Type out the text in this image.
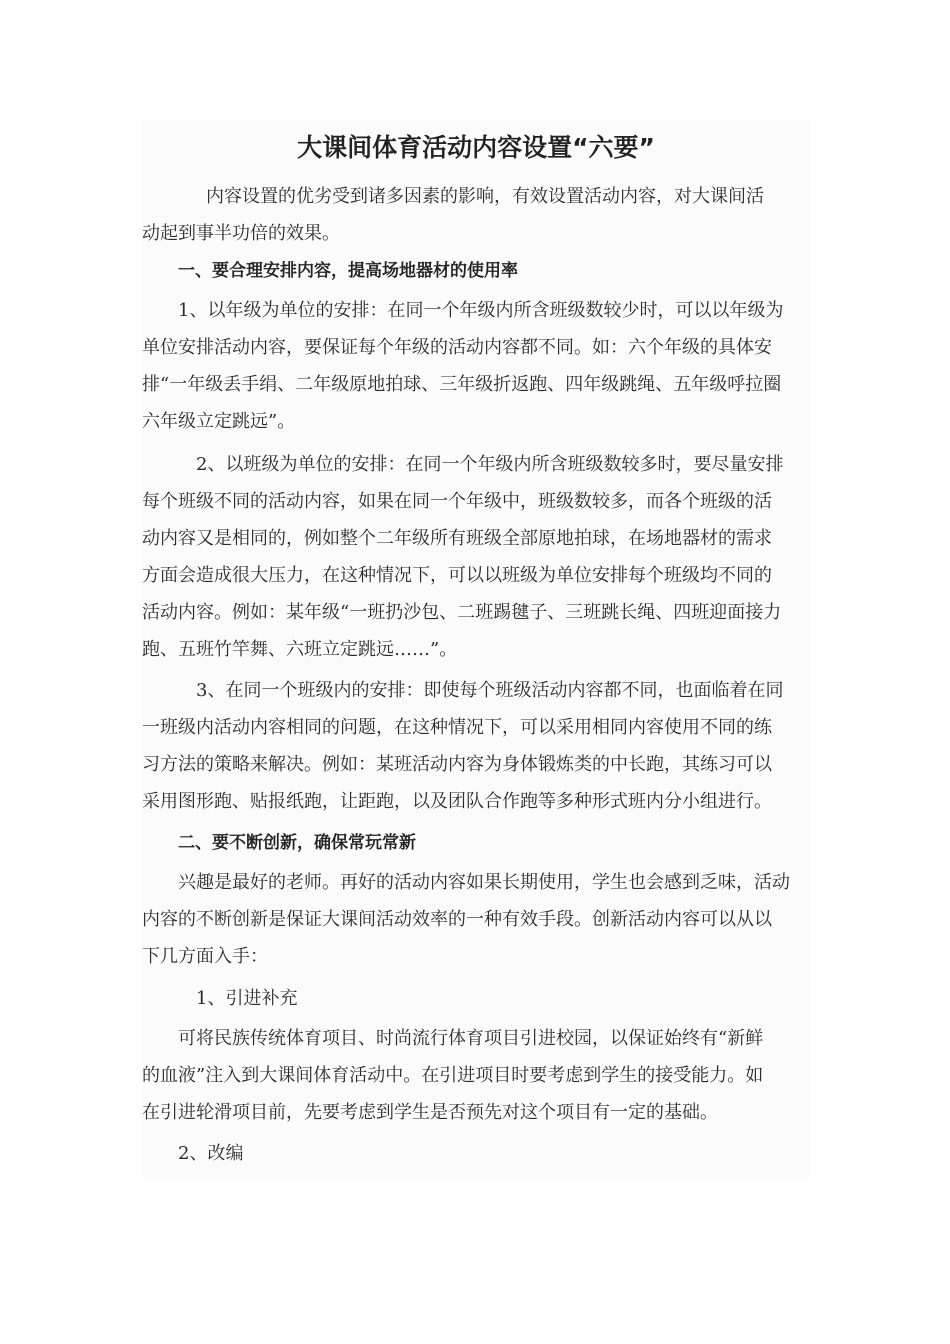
大课间体育活动内容设置“六要”
内容设置的优劣受到诸多因素的影响，有效设置活动内容，对大课间活
动起到事半功倍的效果。
一、要合理安排内容，提高场地器材的使用率
1、以年级为单位的安排：在同一个年级内所含班级数较少时，可以以年级为
单位安排活动内容，要保证每个年级的活动内容都不同。如：六个年级的具体安
排“一年级丢手绢、二年级原地拍球、三年级折返跑、四年级跳绳、五年级呼拉圈
六年级立定跳远”。
2、以班级为单位的安排：在同一个年级内所含班级数较多时，要尽量安排
每个班级不同的活动内容，如果在同一个年级中，班级数较多，而各个班级的活
动内容又是相同的，例如整个二年级所有班级全部原地拍球，在场地器材的需求
方面会造成很大压力，在这种情况下，可以以班级为单位安排每个班级均不同的
活动内容。例如：某年级“一班扔沙包、二班踢毽子、三班跳长绳、四班迎面接力
跑、五班竹竿舞、六班立定跳远……”。
3、在同一个班级内的安排：即使每个班级活动内容都不同，也面临着在同
一班级内活动内容相同的问题，在这种情况下，可以采用相同内容使用不同的练
习方法的策略来解决。例如：某班活动内容为身体锻炼类的中长跑，其练习可以
采用图形跑、贴报纸跑，让距跑，以及团队合作跑等多种形式班内分小组进行。
二、要不断创新，确保常玩常新
兴趣是最好的老师。再好的活动内容如果长期使用，学生也会感到乏味，活动
内容的不断创新是保证大课间活动效率的一种有效手段。创新活动内容可以从以
下几方面入手：
1、引进补充
可将民族传统体育项目、时尚流行体育项目引进校园，以保证始终有“新鲜
的血液”注入到大课间体育活动中。在引进项目时要考虑到学生的接受能力。如
在引进轮滑项目前，先要考虑到学生是否预先对这个项目有一定的基础。
2、改编
